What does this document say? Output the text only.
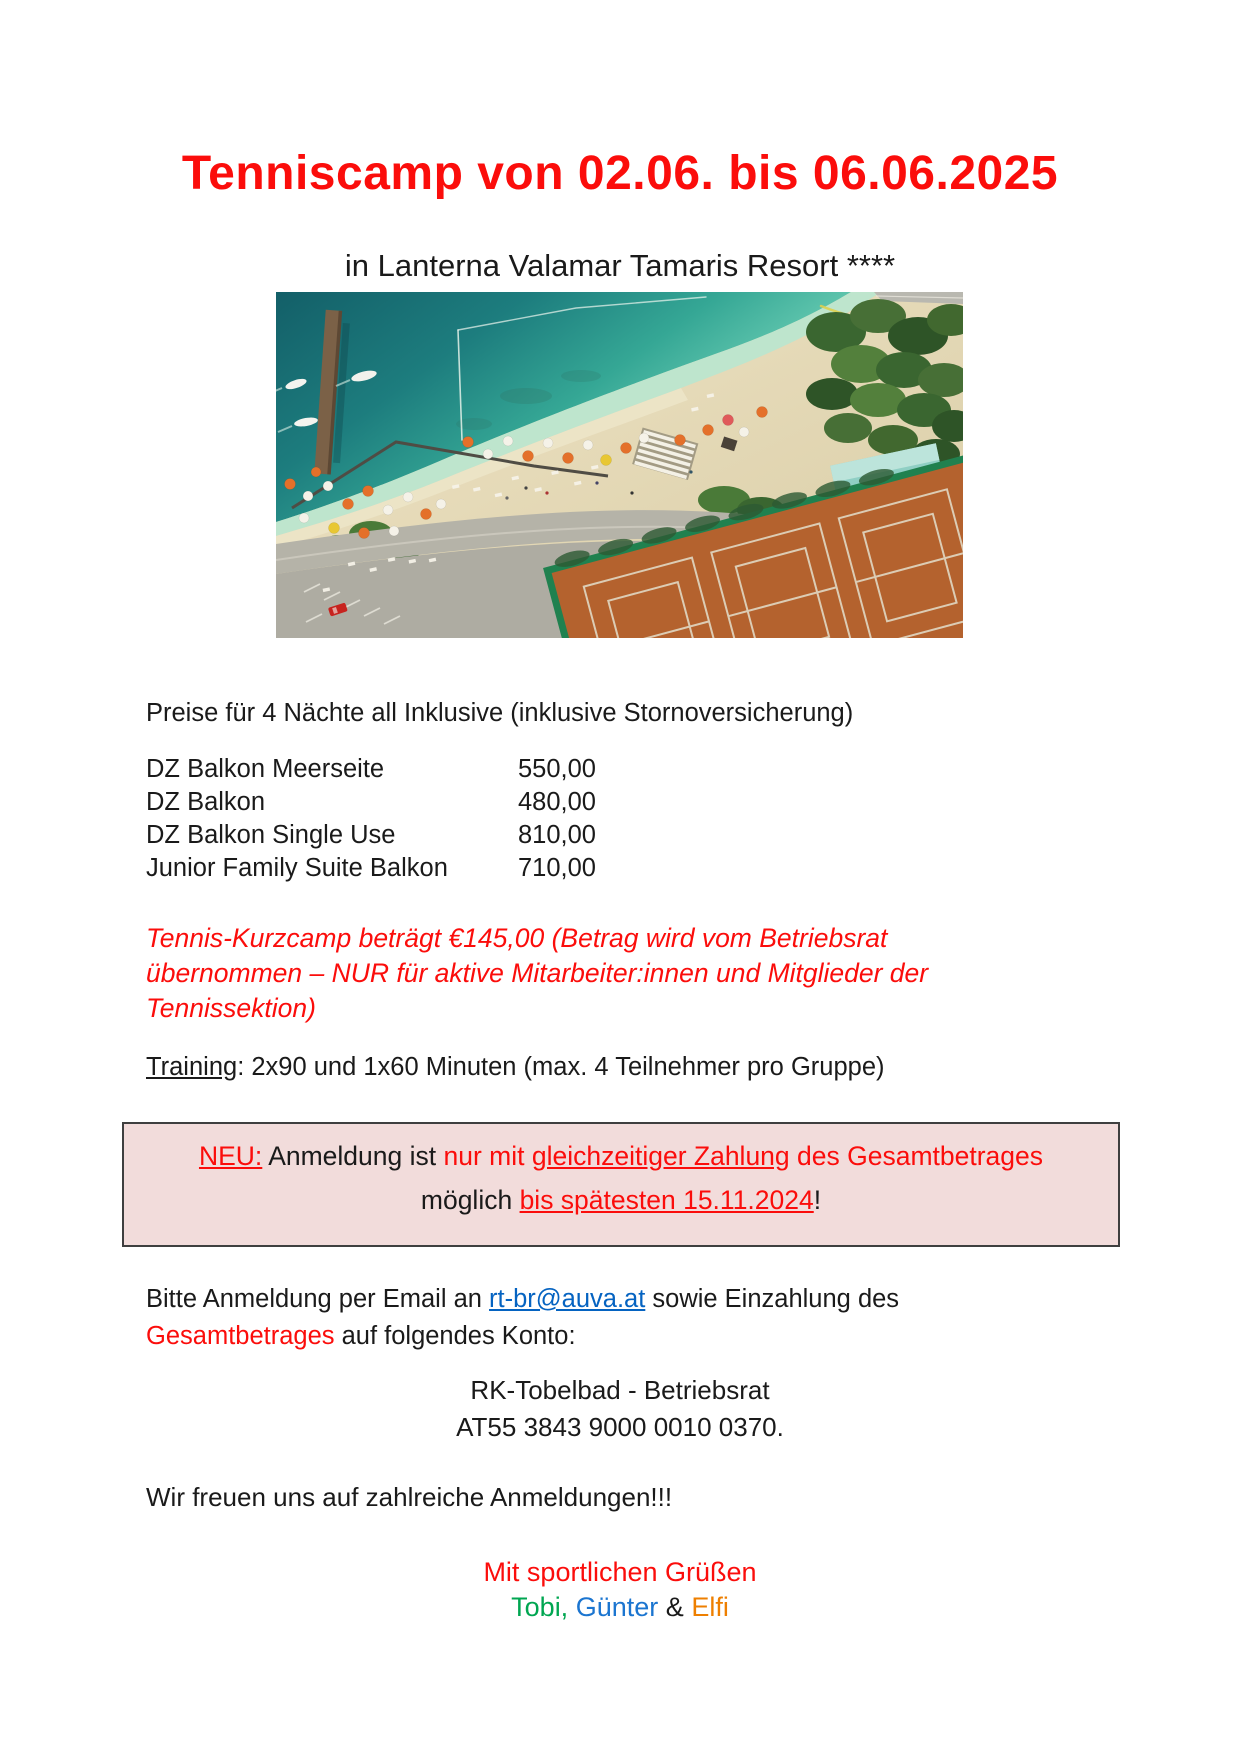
Tenniscamp von 02.06. bis 06.06.2025
in Lanterna Valamar Tamaris Resort ****
Preise für 4 Nächte all Inklusive (inklusive Stornoversicherung)
DZ Balkon Meerseite	550,00
DZ Balkon	480,00
DZ Balkon Single Use	810,00
Junior Family Suite Balkon	710,00
Tennis-Kurzcamp beträgt €145,00 (Betrag wird vom Betriebsrat
übernommen – NUR für aktive Mitarbeiter:innen und Mitglieder der
Tennissektion)
Training: 2x90 und 1x60 Minuten (max. 4 Teilnehmer pro Gruppe)
NEU: Anmeldung ist nur mit gleichzeitiger Zahlung des Gesamtbetrages
möglich bis spätesten 15.11.2024!
Bitte Anmeldung per Email an rt-br@auva.at sowie Einzahlung des
Gesamtbetrages auf folgendes Konto:
RK-Tobelbad - Betriebsrat
AT55 3843 9000 0010 0370.
Wir freuen uns auf zahlreiche Anmeldungen!!!
Mit sportlichen Grüßen
Tobi, Günter & Elfi
